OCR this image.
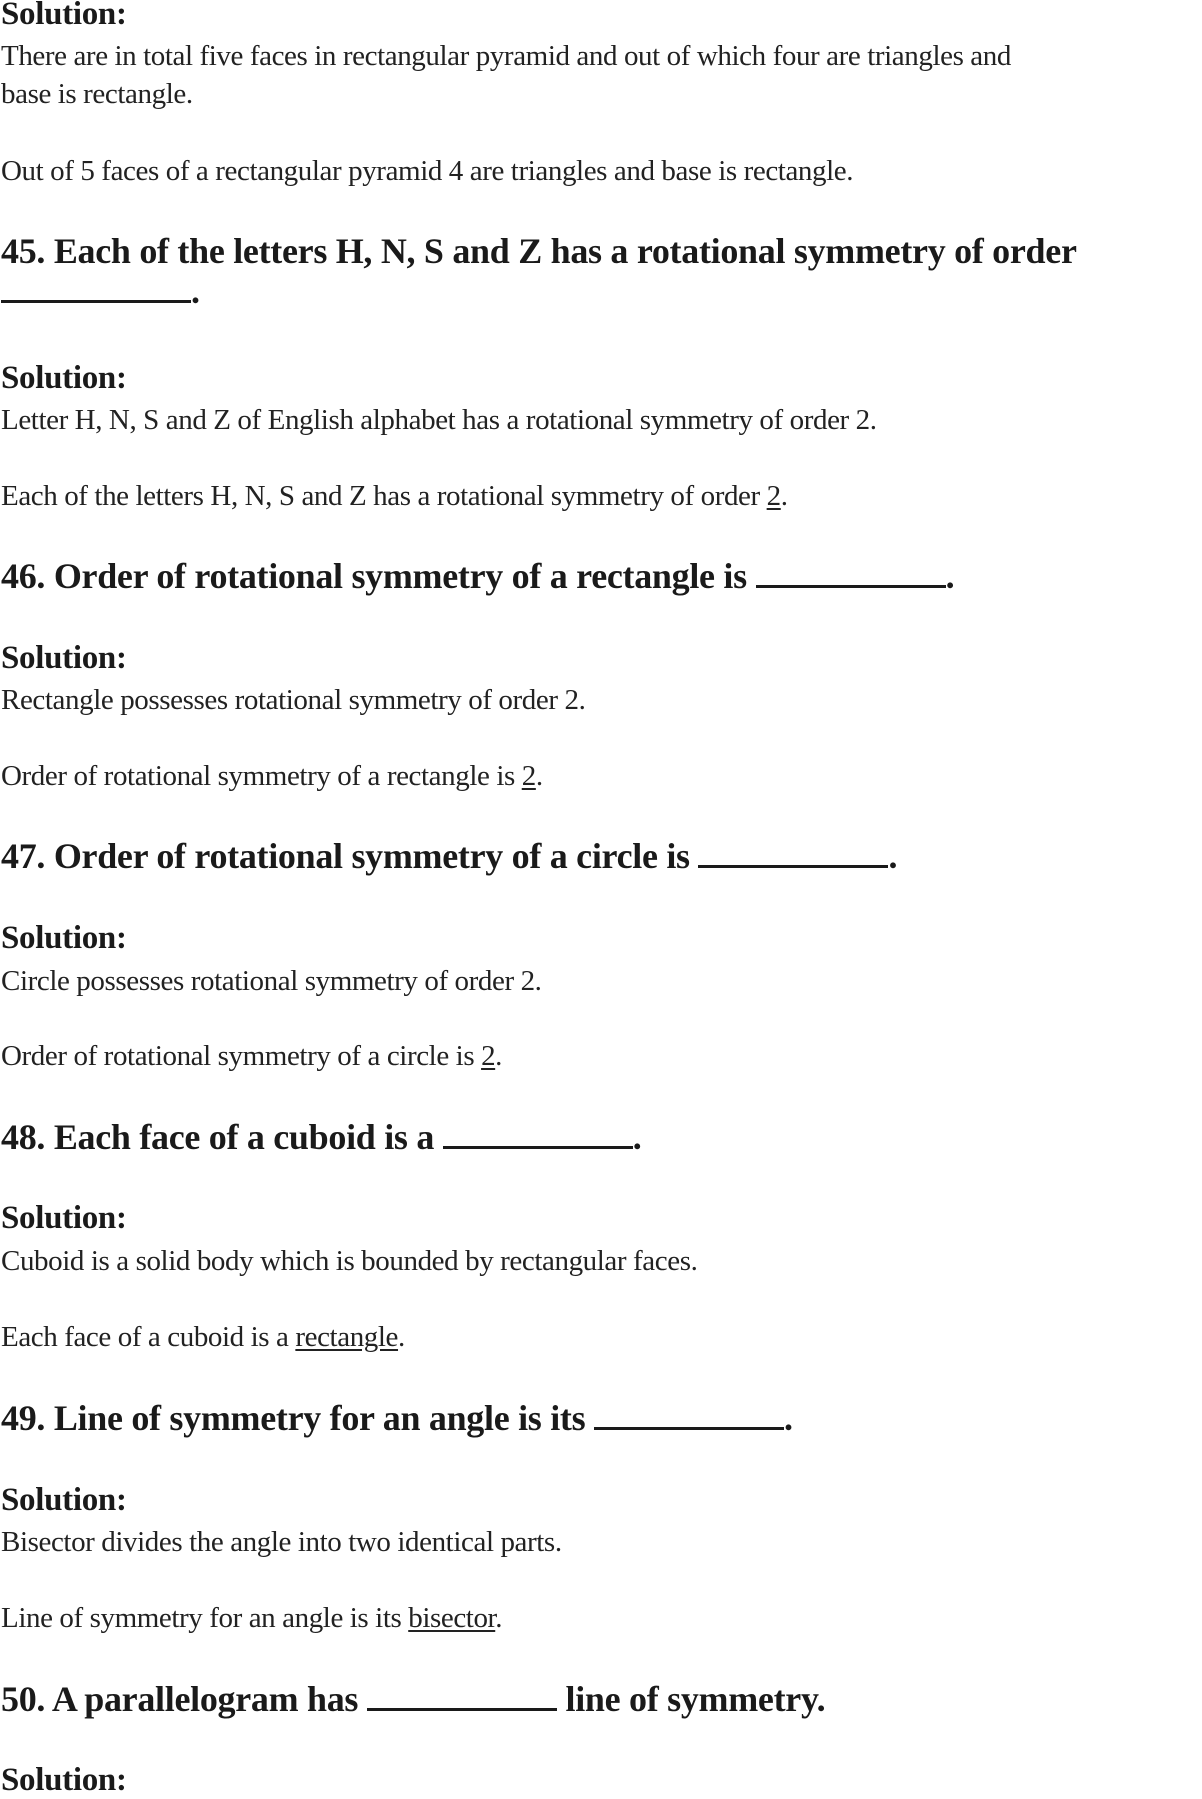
Solution:
There are in total five faces in rectangular pyramid and out of which four are triangles and
base is rectangle.
Out of 5 faces of a rectangular pyramid 4 are triangles and base is rectangle.
45. Each of the letters H, N, S and Z has a rotational symmetry of order
.
Solution:
Letter H, N, S and Z of English alphabet has a rotational symmetry of order 2.
Each of the letters H, N, S and Z has a rotational symmetry of order 2.
46. Order of rotational symmetry of a rectangle is	.
Solution:
Rectangle possesses rotational symmetry of order 2.
Order of rotational symmetry of a rectangle is 2.
47. Order of rotational symmetry of a circle is	.
Solution:
Circle possesses rotational symmetry of order 2.
Order of rotational symmetry of a circle is 2.
48. Each face of a cuboid is a	.
Solution:
Cuboid is a solid body which is bounded by rectangular faces.
Each face of a cuboid is a rectangle.
49. Line of symmetry for an angle is its	.
Solution:
Bisector divides the angle into two identical parts.
Line of symmetry for an angle is its bisector.
50. A parallelogram has	line of symmetry.
Solution:
